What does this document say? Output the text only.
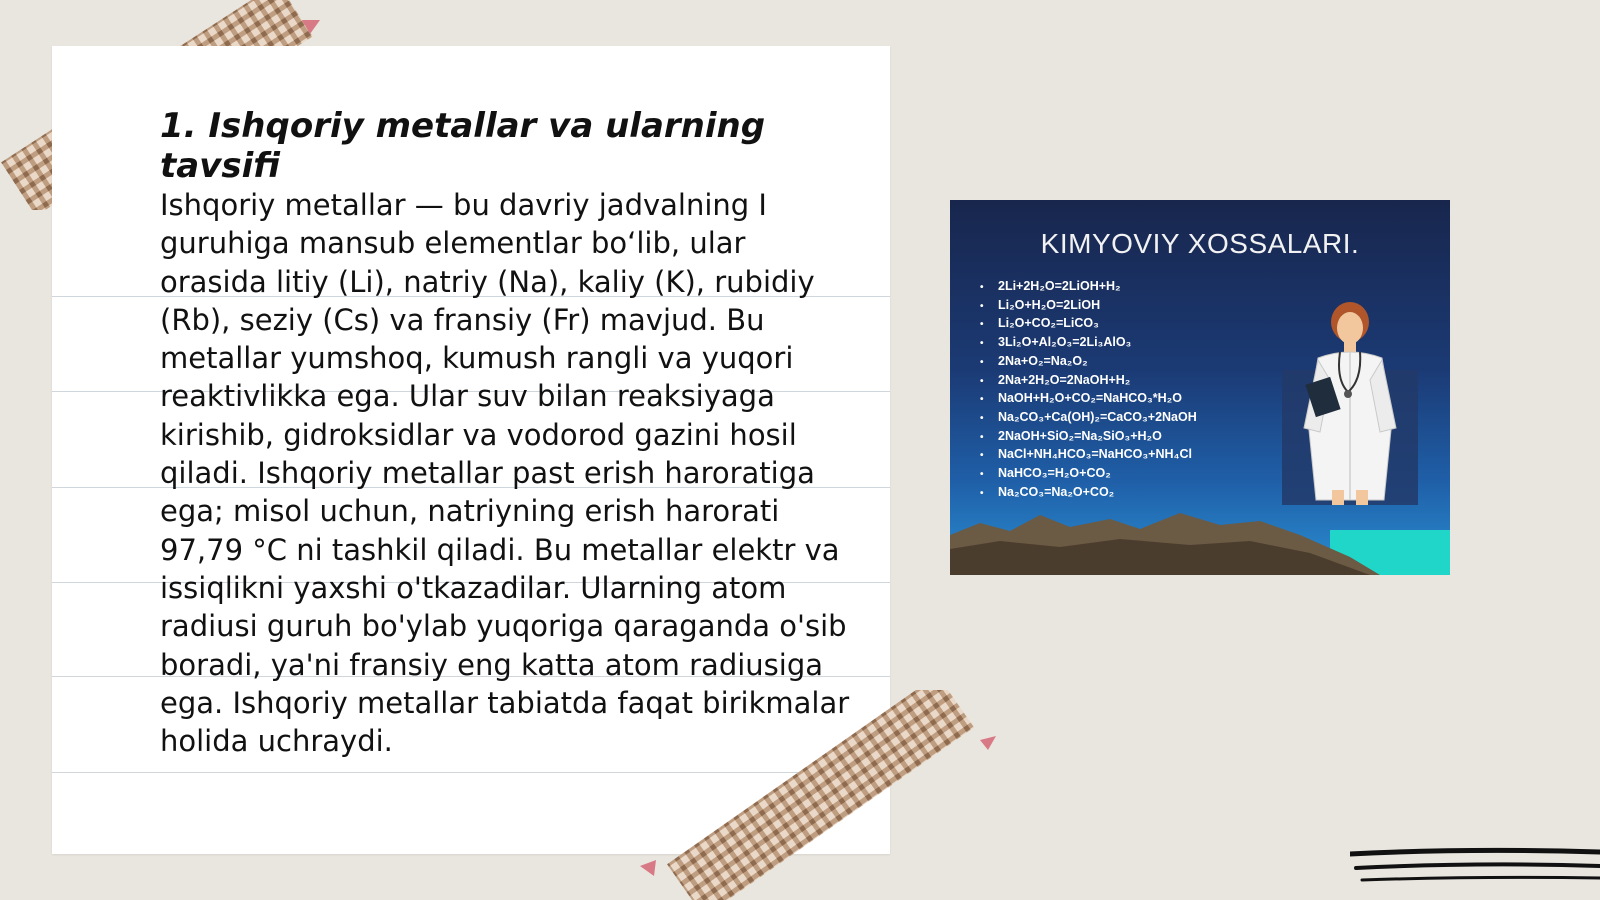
1. Ishqoriy metallar va ularning tavsifi

Ishqoriy metallar — bu davriy jadvalning I guruhiga mansub elementlar bo‘lib, ular orasida litiy (Li), natriy (Na), kaliy (K), rubidiy (Rb), seziy (Cs) va fransiy (Fr) mavjud. Bu metallar yumshoq, kumush rangli va yuqori reaktivlikka ega. Ular suv bilan reaksiyaga kirishib, gidroksidlar va vodorod gazini hosil qiladi. Ishqoriy metallar past erish haroratiga ega; misol uchun, natriyning erish harorati 97,79 °C ni tashkil qiladi. Bu metallar elektr va issiqlikni yaxshi o'tkazadilar. Ularning atom radiusi guruh bo'ylab yuqoriga qaraganda o'sib boradi, ya'ni fransiy eng katta atom radiusiga ega. Ishqoriy metallar tabiatda faqat birikmalar holida uchraydi.

KIMYOVIY XOSSALARI.
• 2Li+2H₂O=2LiOH+H₂
• Li₂O+H₂O=2LiOH
• Li₂O+CO₂=LiCO₃
• 3Li₂O+Al₂O₃=2Li₃AlO₃
• 2Na+O₂=Na₂O₂
• 2Na+2H₂O=2NaOH+H₂
• NaOH+H₂O+CO₂=NaHCO₃*H₂O
• Na₂CO₃+Ca(OH)₂=CaCO₃+2NaOH
• 2NaOH+SiO₂=Na₂SiO₃+H₂O
• NaCl+NH₄HCO₃=NaHCO₃+NH₄Cl
• NaHCO₃=H₂O+CO₂
• Na₂CO₃=Na₂O+CO₂
